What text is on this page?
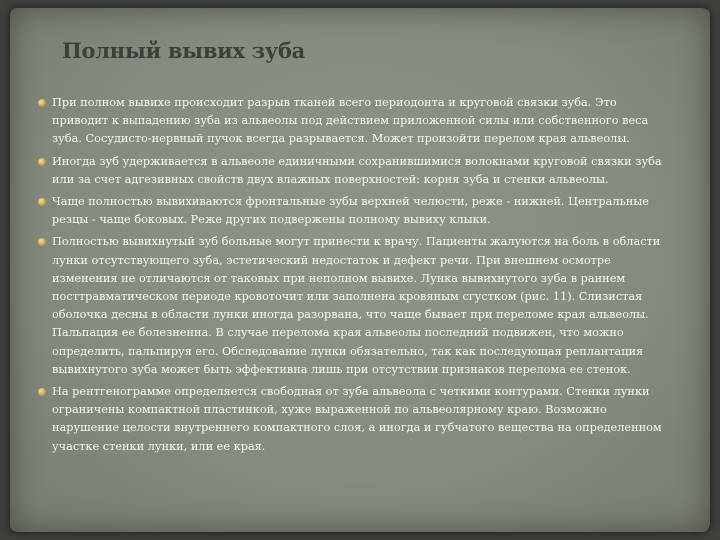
Полный вывих зуба
При полном вывихе происходит разрыв тканей всего периодонта и круговой связки зуба. Это приводит к выпадению зуба из альвеолы под действием приложенной силы или собственного веса зуба. Сосудисто-нервный пучок всегда разрывается. Может произойти перелом края альвеолы.
Иногда зуб удерживается в альвеоле единичными сохранившимися волокнами круговой связки зуба или за счет адгезивных свойств двух влажных поверхностей: корня зуба и стенки альвеолы.
Чаще полностью вывихиваются фронтальные зубы верхней челюсти, реже - нижней. Центральные резцы - чаще боковых. Реже других подвержены полному вывиху клыки.
Полностью вывихнутый зуб больные могут принести к врачу. Пациенты жалуются на боль в области лунки отсутствующего зуба, эстетический недостаток и дефект речи. При внешнем осмотре изменения не отличаются от таковых при неполном вывихе. Лунка вывихнутого зуба в раннем посттравматическом периоде кровоточит или заполнена кровяным сгустком (рис. 11). Слизистая оболочка десны в области лунки иногда разорвана, что чаще бывает при переломе края альвеолы. Пальпация ее болезненна. В случае перелома края альвеолы последний подвижен, что можно определить, пальпируя его. Обследование лунки обязательно, так как последующая реплантация вывихнутого зуба может быть эффективна лишь при отсутствии признаков перелома ее стенок.
На рентгенограмме определяется свободная от зуба альвеола с четкими контурами. Стенки лунки ограничены компактной пластинкой, хуже выраженной по альвеолярному краю. Возможно нарушение целости внутреннего компактного слоя, а иногда и губчатого вещества на определенном участке стенки лунки, или ее края.
